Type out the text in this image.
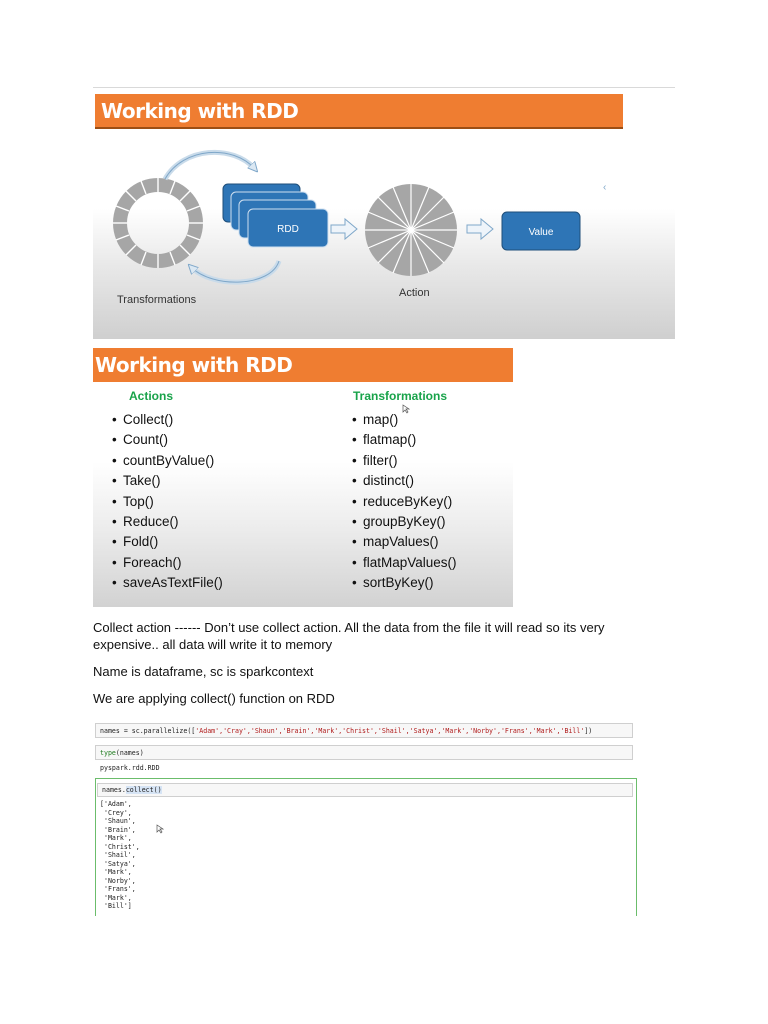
Working with RDD
RDD	Value
‹
Transformations
Action
Working with RDD
Actions	Transformations
• Collect()
• Count()
• countByValue()
• Take()
• Top()
• Reduce()
• Fold()
• Foreach()
• saveAsTextFile()
• map()
• flatmap()
• filter()
• distinct()
• reduceByKey()
• groupByKey()
• mapValues()
• flatMapValues()
• sortByKey()
Collect action ------ Don’t use collect action. All the data from the file it will read so its very expensive.. all data will write it to memory
Name is dataframe, sc is sparkcontext
We are applying collect() function on RDD
names = sc.parallelize([ 'Adam','Cray','Shaun','Brain','Mark','Christ','Shail','Satya','Mark','Norby','Frans','Mark','Bill' ])
type (names)
pyspark.rdd.RDD
names. collect()
['Adam',
'Crey',
'Shaun',
'Brain',
'Mark',
'Christ',
'Shail',
'Satya',
'Mark',
'Norby',
'Frans',
'Mark',
'Bill']
